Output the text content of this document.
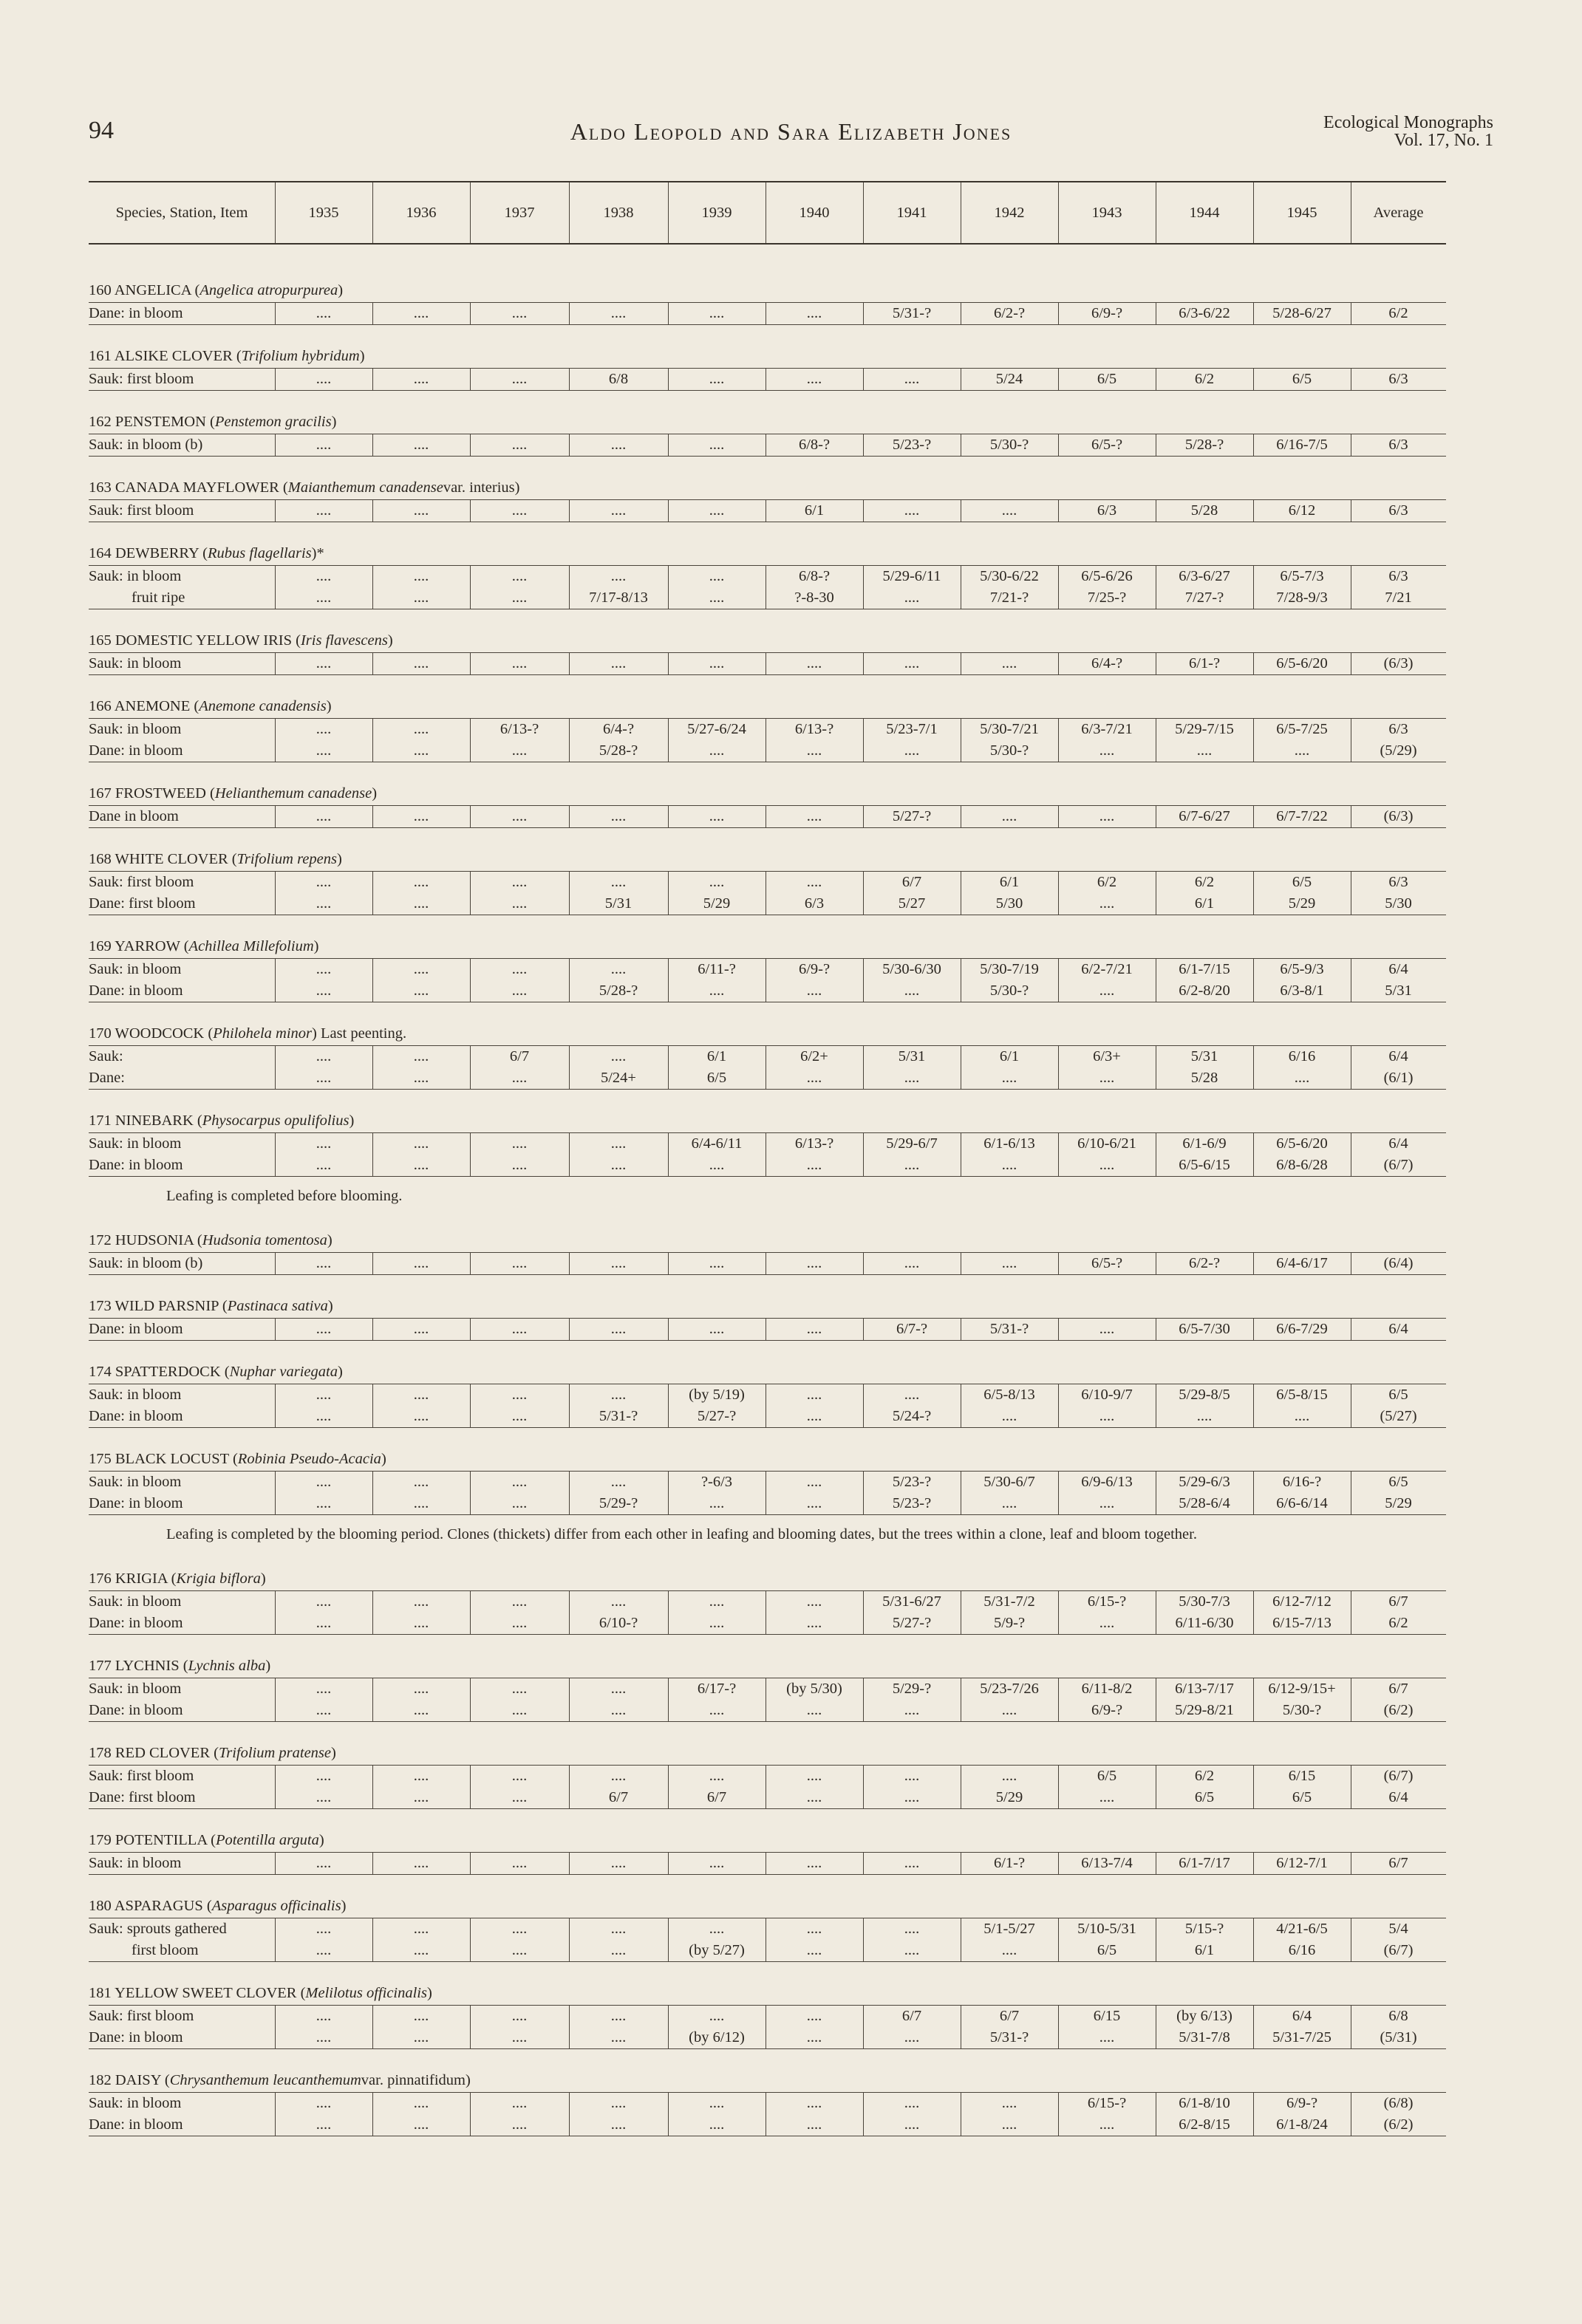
94	Aldo Leopold and Sara Elizabeth Jones	Ecological Monographs
Vol. 17, No. 1
Species, Station, Item	1935	1936	1937	1938	1939	1940	1941	1942	1943	1944	1945	Average
160 ANGELICA ( Angelica atropurpurea )
Dane: in bloom	....	....	....	....	....	....	5/31-?	6/2-?	6/9-?	6/3-6/22	5/28-6/27	6/2
161 ALSIKE CLOVER ( Trifolium hybridum )
Sauk: first bloom	....	....	....	6/8	....	....	....	5/24	6/5	6/2	6/5	6/3
162 PENSTEMON ( Penstemon gracilis )
Sauk: in bloom (b)	....	....	....	....	....	6/8-?	5/23-?	5/30-?	6/5-?	5/28-?	6/16-7/5	6/3
163 CANADA MAYFLOWER ( Maianthemum canadense var. interius)
Sauk: first bloom	....	....	....	....	....	6/1	....	....	6/3	5/28	6/12	6/3
164 DEWBERRY ( Rubus flagellaris )*
Sauk: in bloom	....	....	....	....	....	6/8-?	5/29-6/11	5/30-6/22	6/5-6/26	6/3-6/27	6/5-7/3	6/3
fruit ripe	....	....	....	7/17-8/13	....	?-8-30	....	7/21-?	7/25-?	7/27-?	7/28-9/3	7/21
165 DOMESTIC YELLOW IRIS ( Iris flavescens )
Sauk: in bloom	....	....	....	....	....	....	....	....	6/4-?	6/1-?	6/5-6/20	(6/3)
166 ANEMONE ( Anemone canadensis )
Sauk: in bloom	....	....	6/13-?	6/4-?	5/27-6/24	6/13-?	5/23-7/1	5/30-7/21	6/3-7/21	5/29-7/15	6/5-7/25	6/3
Dane: in bloom	....	....	....	5/28-?	....	....	....	5/30-?	....	....	....	(5/29)
167 FROSTWEED ( Helianthemum canadense )
Dane in bloom	....	....	....	....	....	....	5/27-?	....	....	6/7-6/27	6/7-7/22	(6/3)
168 WHITE CLOVER ( Trifolium repens )
Sauk: first bloom	....	....	....	....	....	....	6/7	6/1	6/2	6/2	6/5	6/3
Dane: first bloom	....	....	....	5/31	5/29	6/3	5/27	5/30	....	6/1	5/29	5/30
169 YARROW ( Achillea Millefolium )
Sauk: in bloom	....	....	....	....	6/11-?	6/9-?	5/30-6/30	5/30-7/19	6/2-7/21	6/1-7/15	6/5-9/3	6/4
Dane: in bloom	....	....	....	5/28-?	....	....	....	5/30-?	....	6/2-8/20	6/3-8/1	5/31
170 WOODCOCK ( Philohela minor ) Last peenting.
Sauk:	....	....	6/7	....	6/1	6/2+	5/31	6/1	6/3+	5/31	6/16	6/4
Dane:	....	....	....	5/24+	6/5	....	....	....	....	5/28	....	(6/1)
171 NINEBARK ( Physocarpus opulifolius )
Sauk: in bloom	....	....	....	....	6/4-6/11	6/13-?	5/29-6/7	6/1-6/13	6/10-6/21	6/1-6/9	6/5-6/20	6/4
Dane: in bloom	....	....	....	....	....	....	....	....	....	6/5-6/15	6/8-6/28	(6/7)
Leafing is completed before blooming.
172 HUDSONIA ( Hudsonia tomentosa )
Sauk: in bloom (b)	....	....	....	....	....	....	....	....	6/5-?	6/2-?	6/4-6/17	(6/4)
173 WILD PARSNIP ( Pastinaca sativa )
Dane: in bloom	....	....	....	....	....	....	6/7-?	5/31-?	....	6/5-7/30	6/6-7/29	6/4
174 SPATTERDOCK ( Nuphar variegata )
Sauk: in bloom	....	....	....	....	(by 5/19)	....	....	6/5-8/13	6/10-9/7	5/29-8/5	6/5-8/15	6/5
Dane: in bloom	....	....	....	5/31-?	5/27-?	....	5/24-?	....	....	....	....	(5/27)
175 BLACK LOCUST ( Robinia Pseudo-Acacia )
Sauk: in bloom	....	....	....	....	?-6/3	....	5/23-?	5/30-6/7	6/9-6/13	5/29-6/3	6/16-?	6/5
Dane: in bloom	....	....	....	5/29-?	....	....	5/23-?	....	....	5/28-6/4	6/6-6/14	5/29
Leafing is completed by the blooming period. Clones (thickets) differ from each other in leafing and blooming dates, but the trees within a clone, leaf and bloom together.
176 KRIGIA ( Krigia biflora )
Sauk: in bloom	....	....	....	....	....	....	5/31-6/27	5/31-7/2	6/15-?	5/30-7/3	6/12-7/12	6/7
Dane: in bloom	....	....	....	6/10-?	....	....	5/27-?	5/9-?	....	6/11-6/30	6/15-7/13	6/2
177 LYCHNIS ( Lychnis alba )
Sauk: in bloom	....	....	....	....	6/17-?	(by 5/30)	5/29-?	5/23-7/26	6/11-8/2	6/13-7/17	6/12-9/15+	6/7
Dane: in bloom	....	....	....	....	....	....	....	....	6/9-?	5/29-8/21	5/30-?	(6/2)
178 RED CLOVER ( Trifolium pratense )
Sauk: first bloom	....	....	....	....	....	....	....	....	6/5	6/2	6/15	(6/7)
Dane: first bloom	....	....	....	6/7	6/7	....	....	5/29	....	6/5	6/5	6/4
179 POTENTILLA ( Potentilla arguta )
Sauk: in bloom	....	....	....	....	....	....	....	6/1-?	6/13-7/4	6/1-7/17	6/12-7/1	6/7
180 ASPARAGUS ( Asparagus officinalis )
Sauk: sprouts gathered	....	....	....	....	....	....	....	5/1-5/27	5/10-5/31	5/15-?	4/21-6/5	5/4
first bloom	....	....	....	....	(by 5/27)	....	....	....	6/5	6/1	6/16	(6/7)
181 YELLOW SWEET CLOVER ( Melilotus officinalis )
Sauk: first bloom	....	....	....	....	....	....	6/7	6/7	6/15	(by 6/13)	6/4	6/8
Dane: in bloom	....	....	....	....	(by 6/12)	....	....	5/31-?	....	5/31-7/8	5/31-7/25	(5/31)
182 DAISY ( Chrysanthemum leucanthemum var. pinnatifidum)
Sauk: in bloom	....	....	....	....	....	....	....	....	6/15-?	6/1-8/10	6/9-?	(6/8)
Dane: in bloom	....	....	....	....	....	....	....	....	....	6/2-8/15	6/1-8/24	(6/2)
